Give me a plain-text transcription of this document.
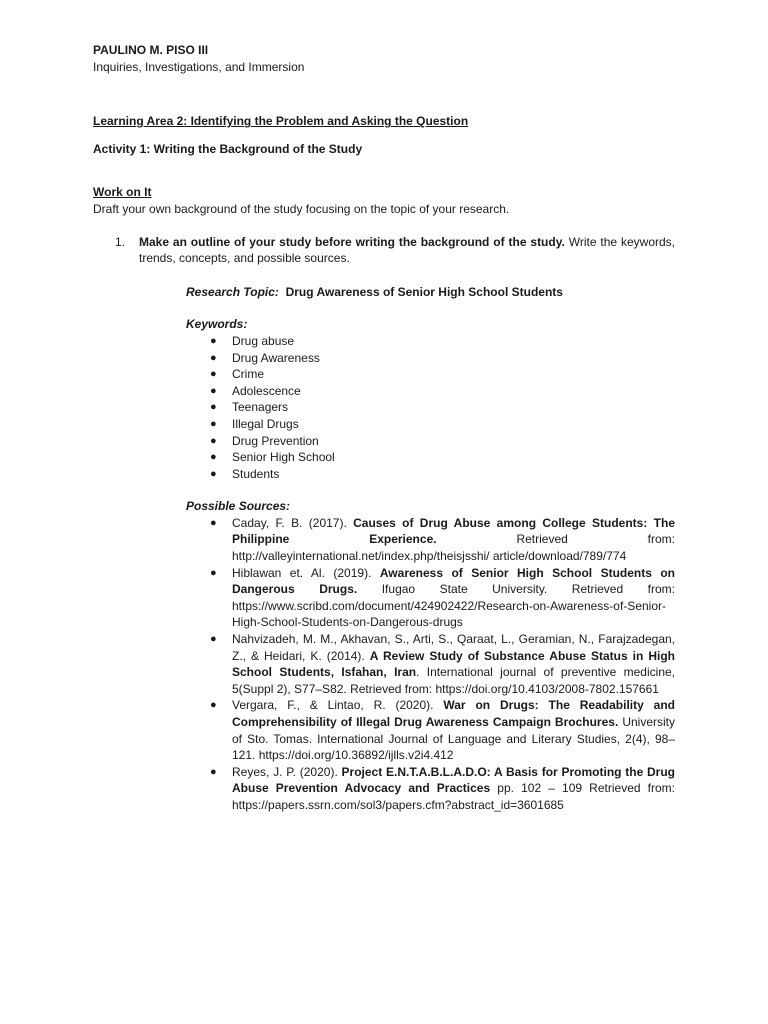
PAULINO M. PISO III

Inquiries, Investigations, and Immersion

Learning Area 2: Identifying the Problem and Asking the Question

Activity 1: Writing the Background of the Study

Work on It

Draft your own background of the study focusing on the topic of your research.

1. Make an outline of your study before writing the background of the study. Write the keywords, trends, concepts, and possible sources.

Research Topic: Drug Awareness of Senior High School Students

Keywords:

● Drug abuse
● Drug Awareness
● Crime
● Adolescence
● Teenagers
● Illegal Drugs
● Drug Prevention
● Senior High School
● Students

Possible Sources:

● Caday, F. B. (2017). Causes of Drug Abuse among College Students: The Philippine Experience. Retrieved from: http://valleyinternational.net/index.php/theisjsshi/ article/download/789/774
● Hiblawan et. Al. (2019). Awareness of Senior High School Students on Dangerous Drugs. Ifugao State University. Retrieved from: https://www.scribd.com/document/424902422/Research-on-Awareness-of-Senior-High-School-Students-on-Dangerous-drugs
● Nahvizadeh, M. M., Akhavan, S., Arti, S., Qaraat, L., Geramian, N., Farajzadegan, Z., & Heidari, K. (2014). A Review Study of Substance Abuse Status in High School Students, Isfahan, Iran. International journal of preventive medicine, 5(Suppl 2), S77–S82. Retrieved from: https://doi.org/10.4103/2008-7802.157661
● Vergara, F., & Lintao, R. (2020). War on Drugs: The Readability and Comprehensibility of Illegal Drug Awareness Campaign Brochures. University of Sto. Tomas. International Journal of Language and Literary Studies, 2(4), 98–121. https://doi.org/10.36892/ijlls.v2i4.412
● Reyes, J. P. (2020). Project E.N.T.A.B.L.A.D.O: A Basis for Promoting the Drug Abuse Prevention Advocacy and Practices pp. 102 – 109 Retrieved from: https://papers.ssrn.com/sol3/papers.cfm?abstract_id=3601685
